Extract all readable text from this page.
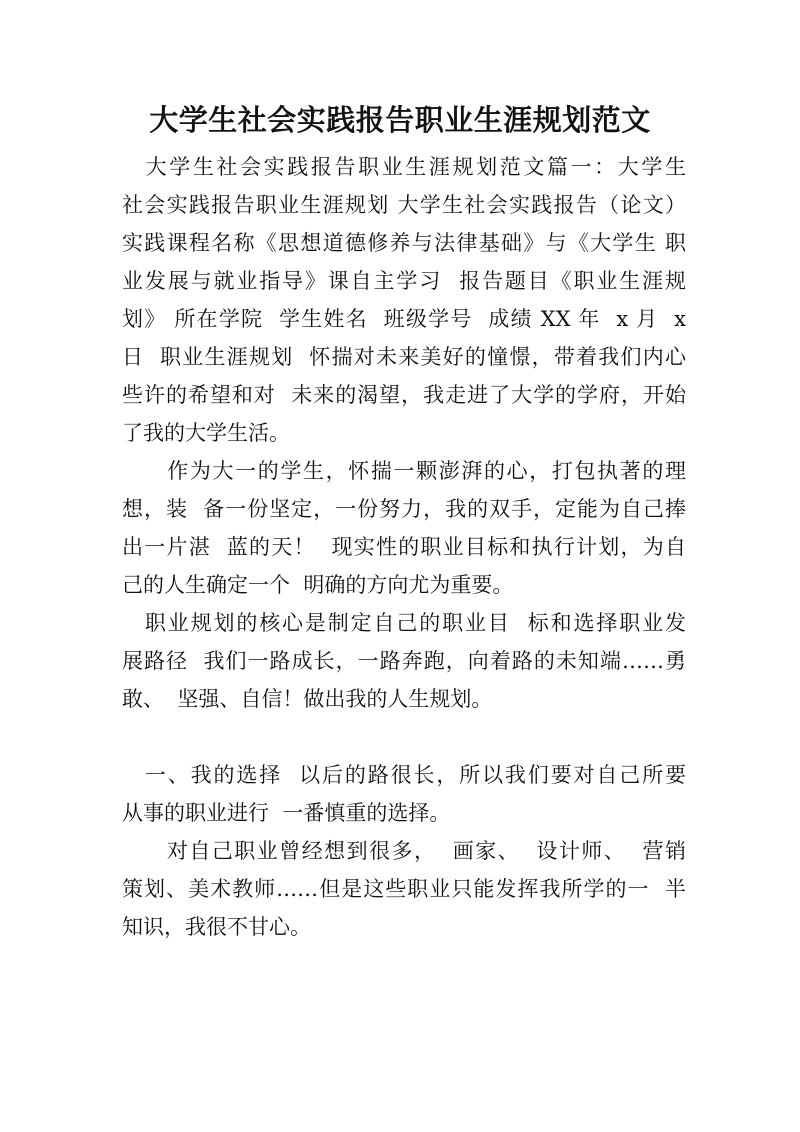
大学生社会实践报告职业生涯规划范文
　大学生社会实践报告职业生涯规划范文篇一：大学生
社会实践报告职业生涯规划 大学生社会实践报告（论文）
实践课程名称《思想道德修养与法律基础》与《大学生 职
业发展与就业指导》课自主学习  报告题目《职业生涯规
划》 所在学院  学生姓名  班级学号  成绩 XX 年  x 月  x
日  职业生涯规划  怀揣对未来美好的憧憬，带着我们内心
些许的希望和对  未来的渴望，我走进了大学的学府，开始
了我的大学生活。
　　作为大一的学生，怀揣一颗澎湃的心，打包执著的理
想，装  备一份坚定，一份努力，我的双手，定能为自己捧
出一片湛  蓝的天！  现实性的职业目标和执行计划，为自
己的人生确定一个  明确的方向尤为重要。
　职业规划的核心是制定自己的职业目  标和选择职业发
展路径  我们一路成长，一路奔跑，向着路的未知端……勇
敢、  坚强、自信！做出我的人生规划。
　一、我的选择  以后的路很长，所以我们要对自己所要
从事的职业进行  一番慎重的选择。
　　对自己职业曾经想到很多，  画家、  设计师、  营销
策划、美术教师……但是这些职业只能发挥我所学的一  半
知识，我很不甘心。
